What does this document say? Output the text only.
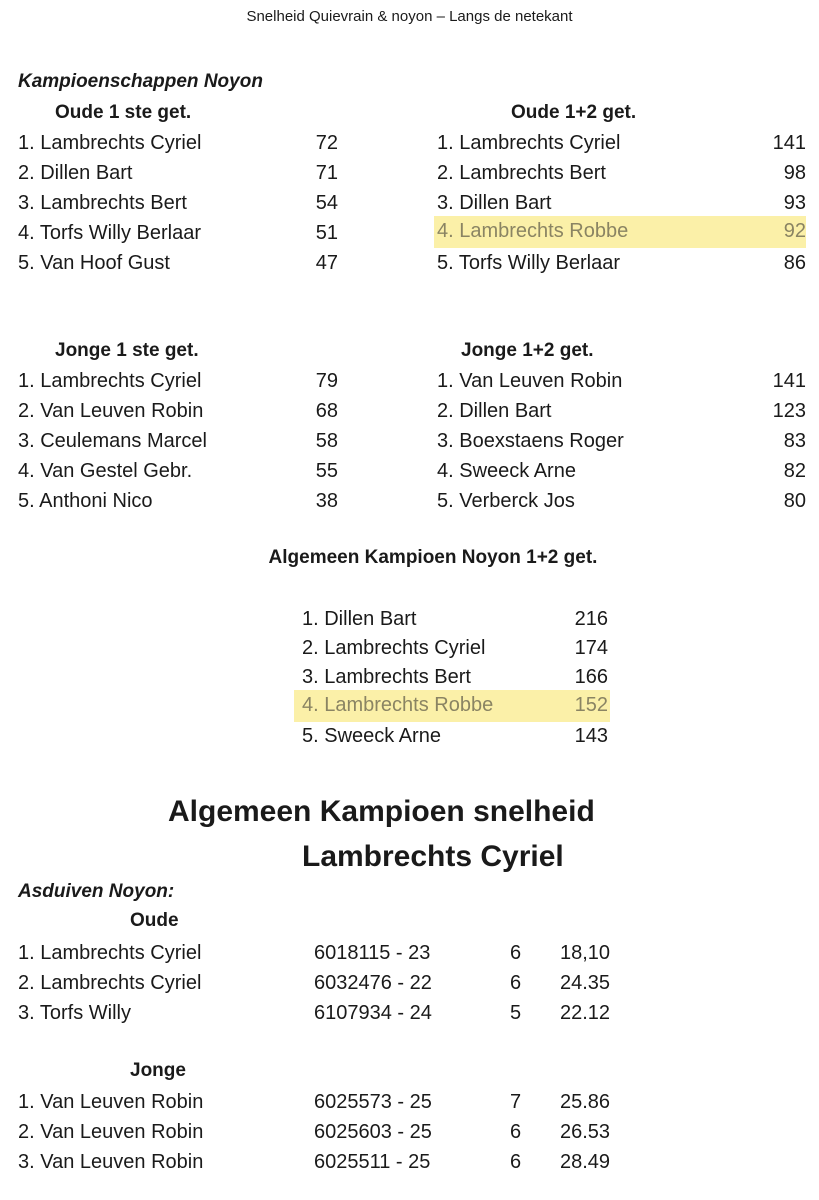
Snelheid Quievrain & noyon – Langs de netekant
Kampioenschappen Noyon
Oude 1 ste get.
1. Lambrechts Cyriel	72
2. Dillen Bart	71
3. Lambrechts Bert	54
4. Torfs Willy Berlaar	51
5. Van Hoof Gust	47
Oude 1+2 get.
1. Lambrechts Cyriel	141
2. Lambrechts Bert	98
3. Dillen Bart	93
4. Lambrechts Robbe	92
5. Torfs Willy Berlaar	86
Jonge 1 ste get.
1. Lambrechts Cyriel	79
2. Van Leuven Robin	68
3. Ceulemans Marcel	58
4. Van Gestel Gebr.	55
5. Anthoni Nico	38
Jonge 1+2 get.
1. Van Leuven Robin	141
2. Dillen Bart	123
3. Boexstaens Roger	83
4. Sweeck Arne	82
5. Verberck Jos	80
Algemeen Kampioen Noyon 1+2 get.
1. Dillen Bart	216
2. Lambrechts Cyriel	174
3. Lambrechts Bert	166
4. Lambrechts Robbe	152
5. Sweeck Arne	143
Algemeen Kampioen snelheid
Lambrechts Cyriel
Asduiven Noyon:
Oude
1. Lambrechts Cyriel	6018115 - 23	6 18,10
2. Lambrechts Cyriel	6032476 - 22	6 24.35
3. Torfs Willy	6107934 - 24	5 22.12
Jonge
1. Van Leuven Robin	6025573 - 25	7 25.86
2. Van Leuven Robin	6025603 - 25	6 26.53
3. Van Leuven Robin	6025511 - 25	6 28.49
